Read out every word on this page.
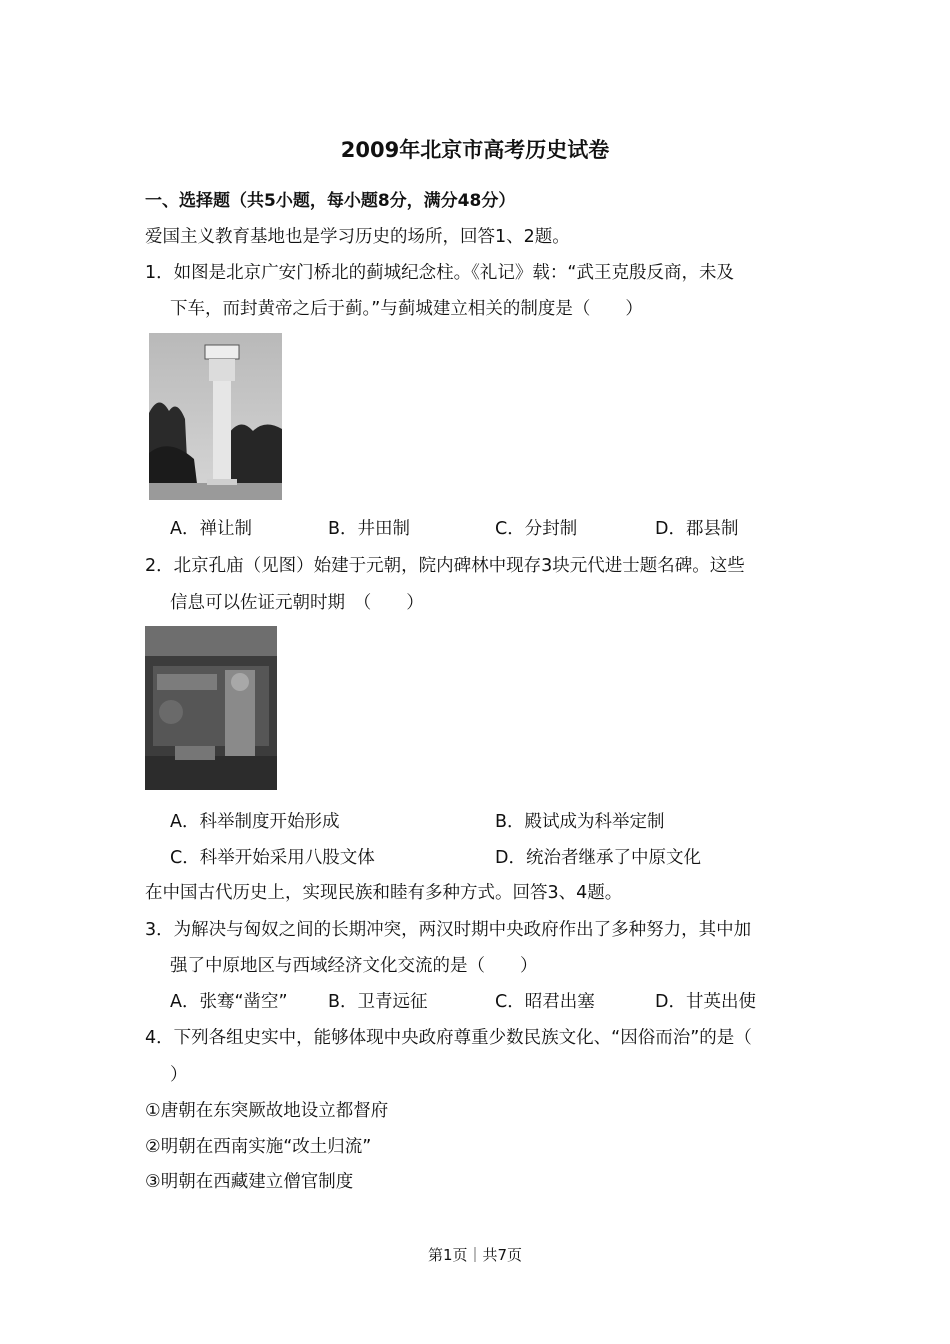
2009年北京市高考历史试卷
一、选择题（共5小题，每小题8分，满分48分）
爱国主义教育基地也是学习历史的场所，回答1、2题。
1．如图是北京广安门桥北的蓟城纪念柱。《礼记》载：“武王克殷反商，未及
下车，而封黄帝之后于蓟。”与蓟城建立相关的制度是（　　）
A．禅让制	B．井田制	C．分封制	D．郡县制
2．北京孔庙（见图）始建于元朝，院内碑林中现存3块元代进士题名碑。这些
信息可以佐证元朝时期　（　　）
A．科举制度开始形成	B．殿试成为科举定制
C．科举开始采用八股文体	D．统治者继承了中原文化
在中国古代历史上，实现民族和睦有多种方式。回答3、4题。
3．为解决与匈奴之间的长期冲突，两汉时期中央政府作出了多种努力，其中加
强了中原地区与西域经济文化交流的是（　　）
A．张骞“凿空” B．卫青远征	C．昭君出塞	D．甘英出使
4．下列各组史实中，能够体现中央政府尊重少数民族文化、“因俗而治”的是（
）
①唐朝在东突厥故地设立都督府
②明朝在西南实施“改土归流”
③明朝在西藏建立僧官制度
第1页｜共7页
